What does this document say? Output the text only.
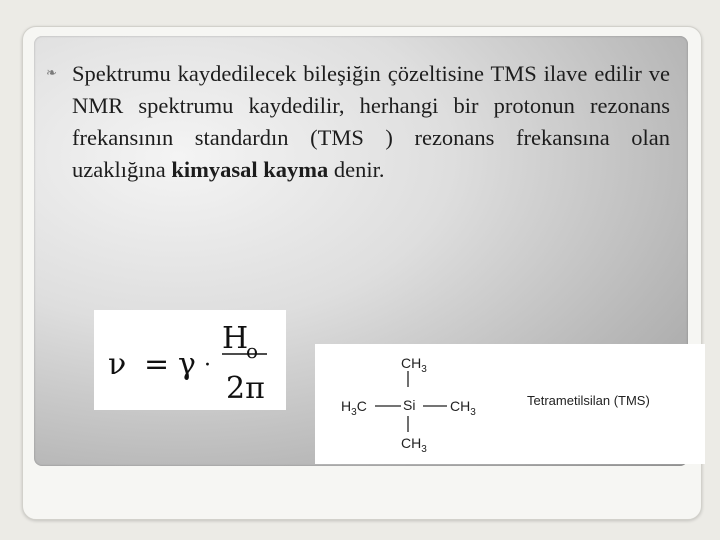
❧ Spektrumu kaydedilecek bileşiğin çözeltisine TMS ilave edilir ve NMR spektrumu kaydedilir, herhangi bir protonun rezonans frekansının standardın (TMS ) rezonans frekansına olan uzaklığına kimyasal kayma denir.
ν = γ ·
H
o
2π
$CH_3$
$H_3C$	Si $CH_3$
$CH_3$
Tetrametilsilan (TMS)
